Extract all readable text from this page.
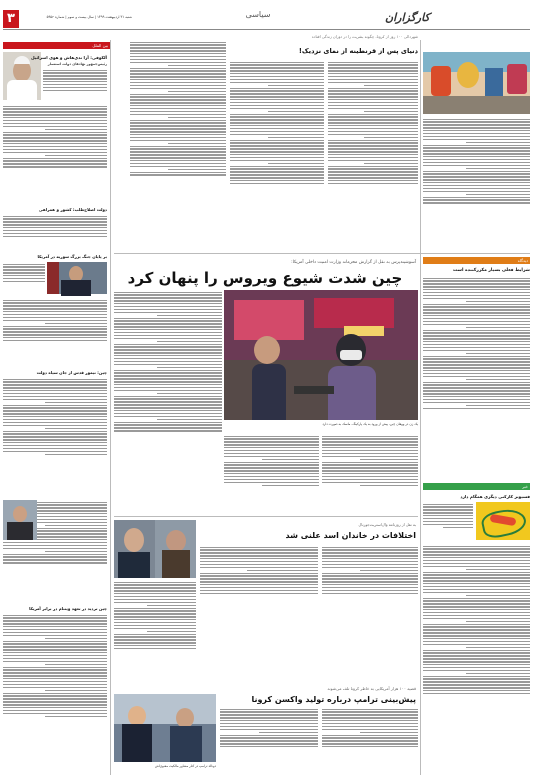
۳	شنبه ۳۱ اردیبهشت ۱۳۹۹ | سال بیست و سوم | شماره ۵۹۵۲	سیاسی	کارگزاران
بین الملل
آلکوفی: آرا تدی‌هاش و هوی اسرائیل
رئیس‌جمهور نهادهای دولت استعمار
دولت اصلاح‌طلب: کشور و همراهی
بر پایان جنگ بزرگ سوریه در آمریکا
چین: تیمور قدس از جان سیاه دولت
چین تردید در تعهد ویتنام در برابر آمریکا
شهردالی ۱۰۰ روز از کرونا، چگونه بشریت را در دوران زندگی افتاده
دنیای پس از قرنطینه از نمای نزدیک!
دیدگاه
شرایط فعلی بسیار مکررکننده است
خبر
فسیونر کارکنی دیگری همگام دارد
آسوشیتدپرس به نقل از گزارش محرمانه وزارت امنیت داخلی آمریکا:
چین شدت شیوع ویروس را پنهان کرد
یک زن در ووهان چین، پیش از ورود به یک پارکینگ، ماسک به صورت دارد
به نقل از روزنامه وال‌استریت‌جورنال
اختلافات در خاندان اسد علنی شد
قضیه ۱۰۰ هزار آمریکایی به خاطر کرونا تلف می‌شوند
پیش‌بینی ترامپ درباره تولید واکسن کرونا
دونالد ترامپ در کنار مشاور مالکیت معنوی‌اش
